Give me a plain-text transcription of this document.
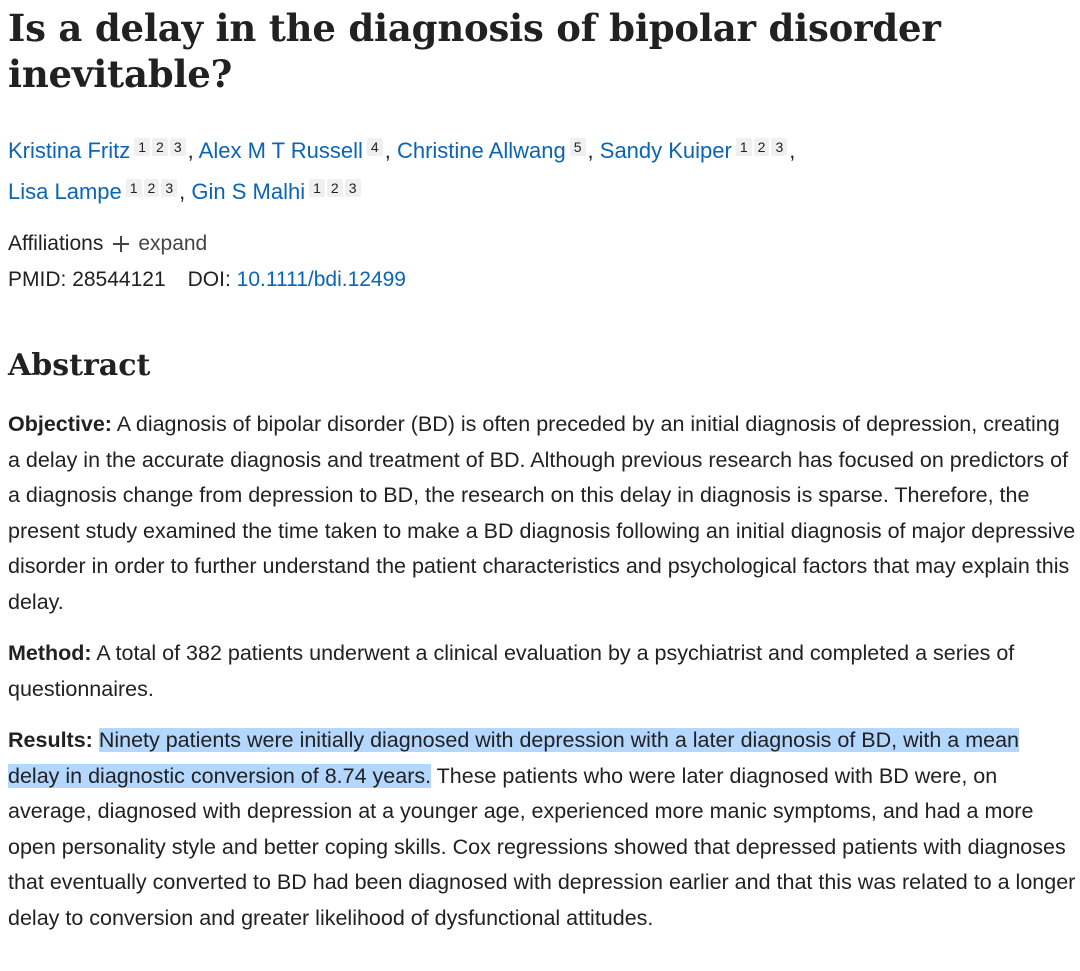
Is a delay in the diagnosis of bipolar disorder inevitable?
Kristina Fritz 1 2 3 , Alex M T Russell 4 , Christine Allwang 5 , Sandy Kuiper 1 2 3 ,
Lisa Lampe 1 2 3 , Gin S Malhi 1 2 3
Affiliations expand
PMID: 28544121 DOI: 10.1111/bdi.12499
Abstract

Objective: A diagnosis of bipolar disorder (BD) is often preceded by an initial diagnosis of depression, creating a delay in the accurate diagnosis and treatment of BD. Although previous research has focused on predictors of a diagnosis change from depression to BD, the research on this delay in diagnosis is sparse. Therefore, the present study examined the time taken to make a BD diagnosis following an initial diagnosis of major depressive disorder in order to further understand the patient characteristics and psychological factors that may explain this delay.

Method: A total of 382 patients underwent a clinical evaluation by a psychiatrist and completed a series of questionnaires.

Results: Ninety patients were initially diagnosed with depression with a later diagnosis of BD, with a mean delay in diagnostic conversion of 8.74 years. These patients who were later diagnosed with BD were, on average, diagnosed with depression at a younger age, experienced more manic symptoms, and had a more open personality style and better coping skills. Cox regressions showed that depressed patients with diagnoses that eventually converted to BD had been diagnosed with depression earlier and that this was related to a longer delay to conversion and greater likelihood of dysfunctional attitudes.
